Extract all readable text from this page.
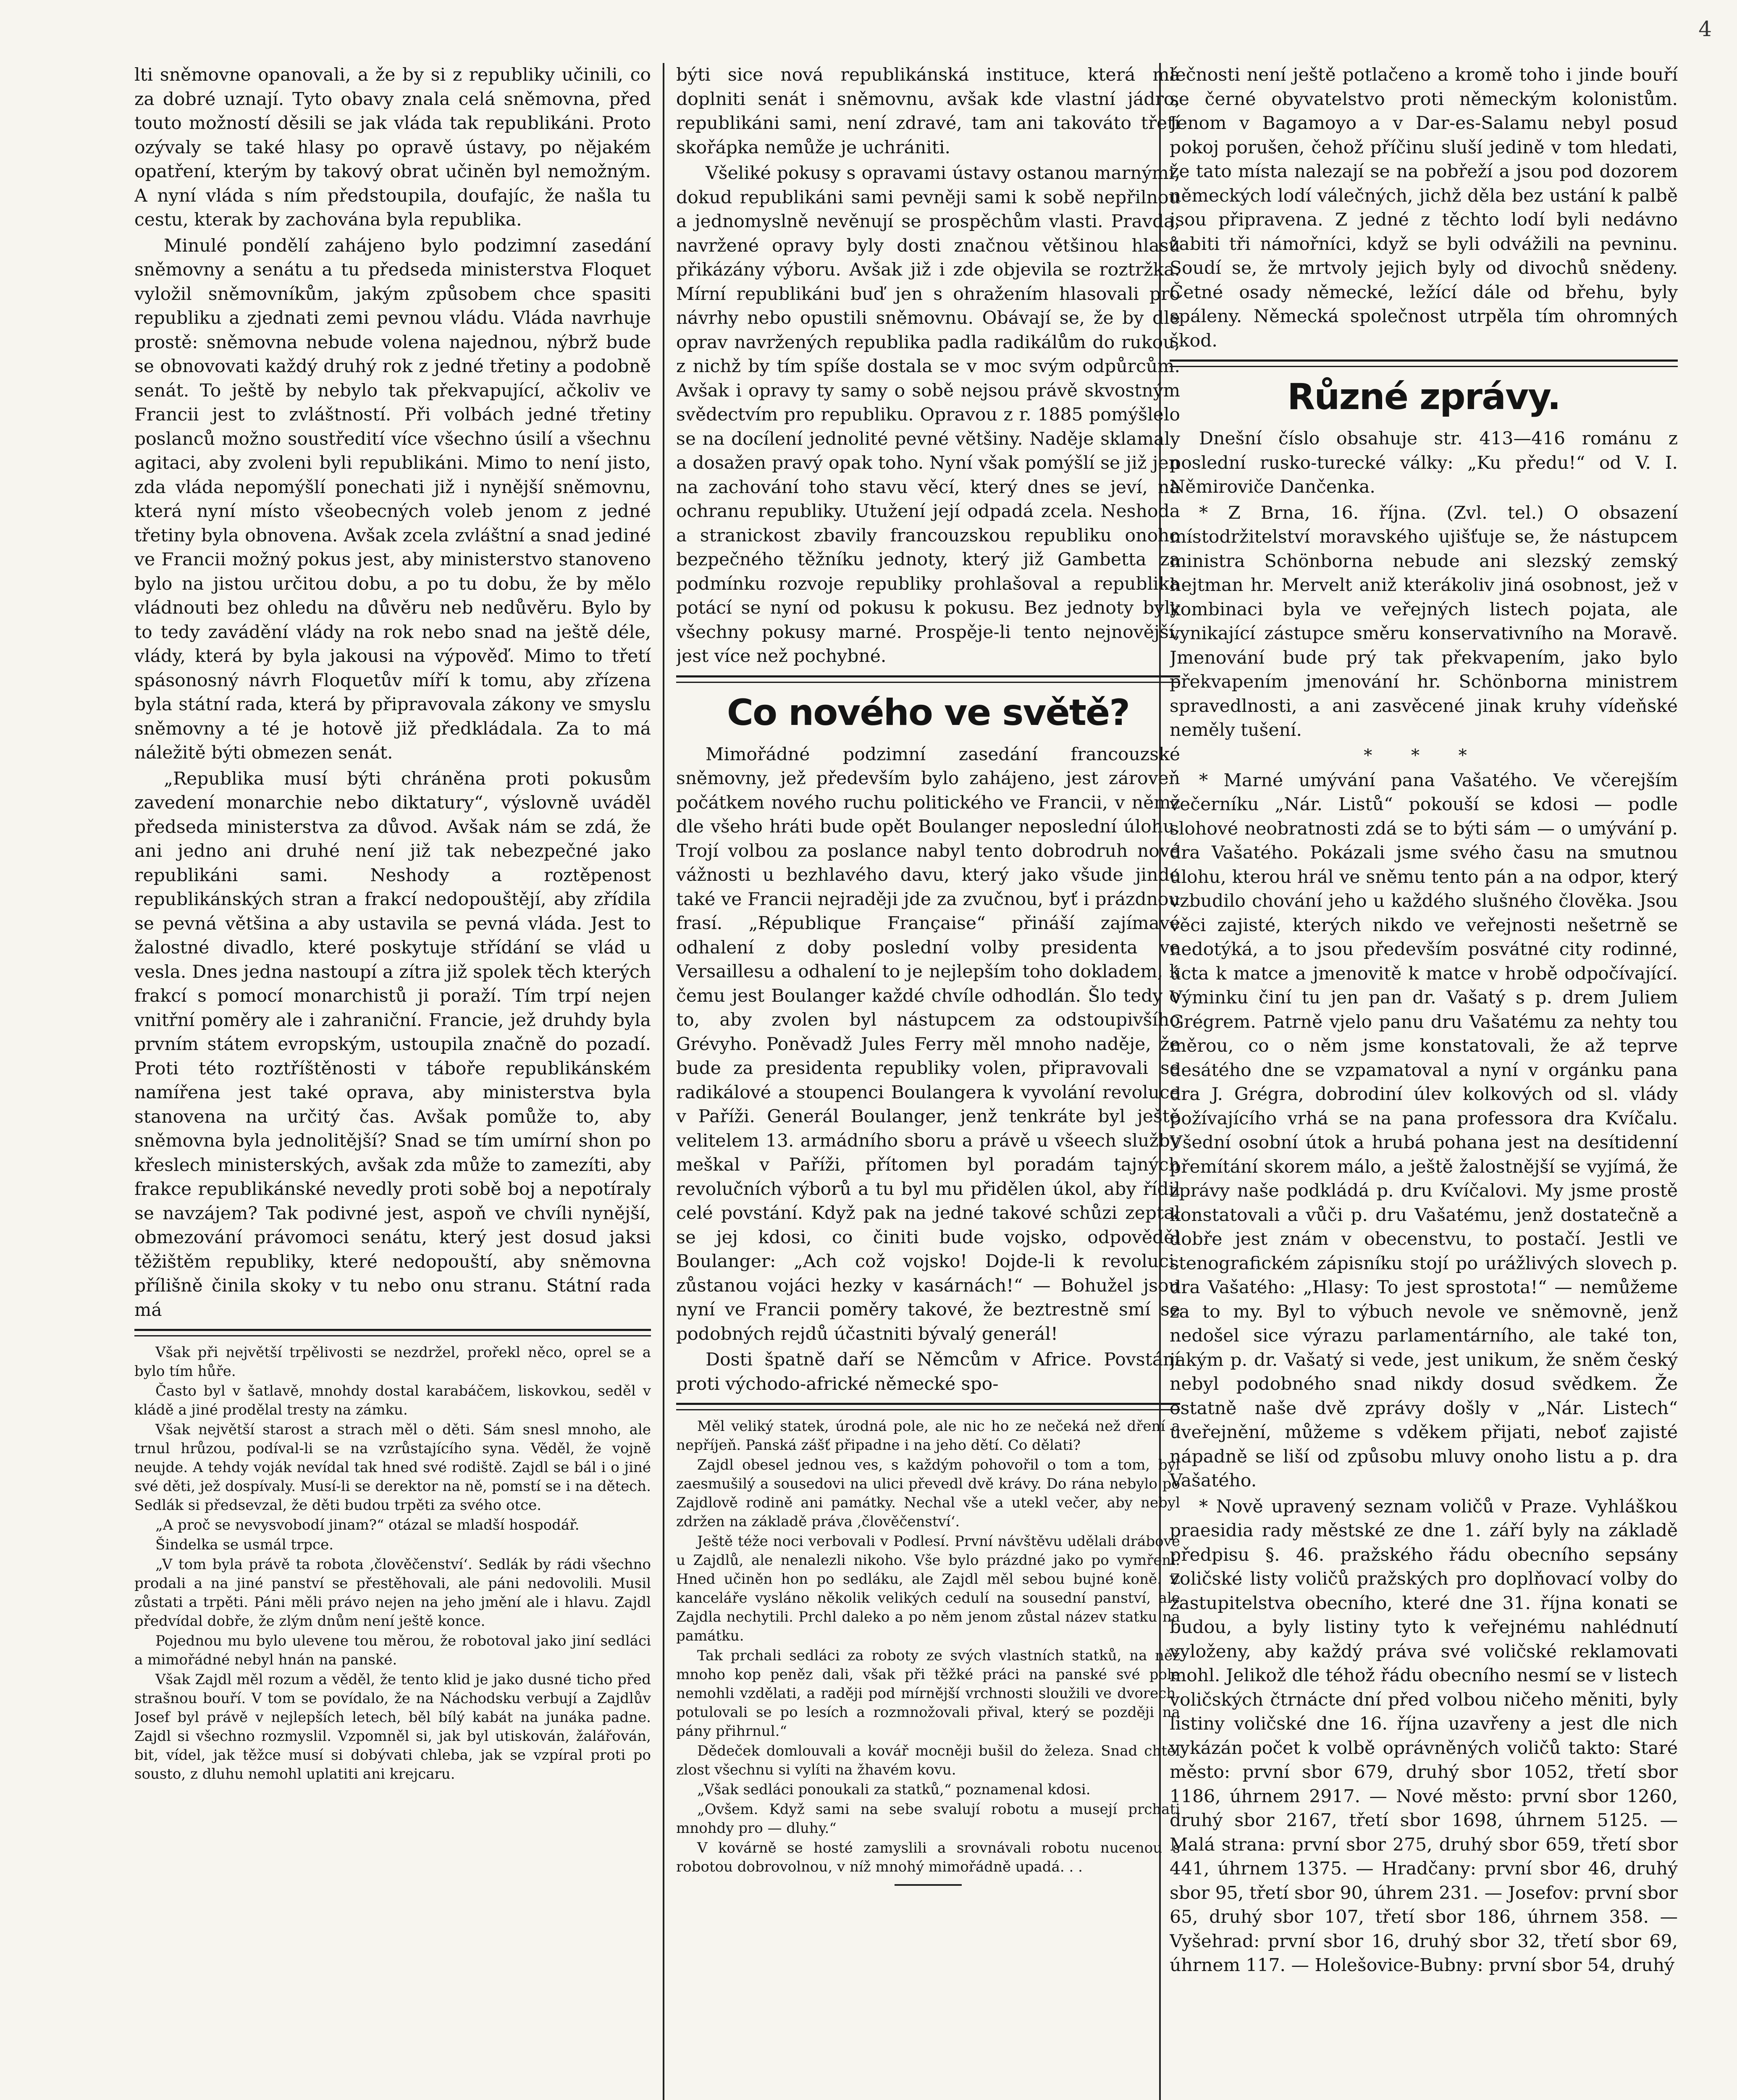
4

lti sněmovne opanovali, a že by si z republiky učinili, co za dobré uznají. Tyto obavy znala celá sněmovna, před touto možností děsili se jak vláda tak republikáni. Proto ozývaly se také hlasy po opravě ústavy, po nějakém opatření, kterým by takový obrat učiněn byl nemožným. A nyní vláda s ním předstoupila, doufajíc, že našla tu cestu, kterak by zachována byla republika.

Minulé pondělí zahájeno bylo podzimní zasedání sněmovny a senátu a tu předseda ministerstva Floquet vyložil sněmovníkům, jakým způsobem chce spasiti republiku a zjednati zemi pevnou vládu. Vláda navrhuje prostě: sněmovna nebude volena najednou, nýbrž bude se obnovovati každý druhý rok z jedné třetiny a podobně senát. To ještě by nebylo tak překvapující, ačkoliv ve Francii jest to zvláštností. Při volbách jedné třetiny poslanců možno soustředití více všechno úsilí a všechnu agitaci, aby zvoleni byli republikáni. Mimo to není jisto, zda vláda nepomýšlí ponechati již i nynější sněmovnu, která nyní místo všeobecných voleb jenom z jedné třetiny byla obnovena. Avšak zcela zvláštní a snad jediné ve Francii možný pokus jest, aby ministerstvo stanoveno bylo na jistou určitou dobu, a po tu dobu, že by mělo vládnouti bez ohledu na důvěru neb nedůvěru. Bylo by to tedy zavádění vlády na rok nebo snad na ještě déle, vlády, která by byla jakousi na výpověď. Mimo to třetí spásonosný návrh Floquetův míří k tomu, aby zřízena byla státní rada, která by připravovala zákony ve smyslu sněmovny a té je hotově již předkládala. Za to má náležitě býti obmezen senát.

„Republika musí býti chráněna proti pokusům zavedení monarchie nebo diktatury“, výslovně uváděl předseda ministerstva za důvod. Avšak nám se zdá, že ani jedno ani druhé není již tak nebezpečné jako republikáni sami. Neshody a roztěpenost republikánských stran a frakcí nedopouštějí, aby zřídila se pevná většina a aby ustavila se pevná vláda. Jest to žalostné divadlo, které poskytuje střídání se vlád u vesla. Dnes jedna nastoupí a zítra již spolek těch kterých frakcí s pomocí monarchistů ji poraží. Tím trpí nejen vnitřní poměry ale i zahraniční. Francie, jež druhdy byla prvním státem evropským, ustoupila značně do pozadí. Proti této roztříštěnosti v táboře republikánském namířena jest také oprava, aby ministerstva byla stanovena na určitý čas. Avšak pomůže to, aby sněmovna byla jednolitější? Snad se tím umírní shon po křeslech ministerských, avšak zda může to zamezíti, aby frakce republikánské nevedly proti sobě boj a nepotíraly se navzájem? Tak podivné jest, aspoň ve chvíli nynější, obmezování právomoci senátu, který jest dosud jaksi těžištěm republiky, které nedopouští, aby sněmovna přílišně činila skoky v tu nebo onu stranu. Státní rada má

Však při největší trpělivosti se nezdržel, prořekl něco, oprel se a bylo tím hůře.

Často byl v šatlavě, mnohdy dostal karabáčem, liskovkou, seděl v kládě a jiné prodělal tresty na zámku.

Však největší starost a strach měl o děti. Sám snesl mnoho, ale trnul hrůzou, podíval-li se na vzrůstajícího syna. Věděl, že vojně neujde. A tehdy voják nevídal tak hned své rodiště. Zajdl se bál i o jiné své děti, jež dospívaly. Musí-li se derektor na ně, pomstí se i na dětech. Sedlák si předsevzal, že děti budou trpěti za svého otce.

„A proč se nevysvobodí jinam?“ otázal se mladší hospodář.

Šindelka se usmál trpce.

„V tom byla právě ta robota ,člověčenství‘. Sedlák by rádi všechno prodali a na jiné panství se přestěhovali, ale páni nedovolili. Musil zůstati a trpěti. Páni měli právo nejen na jeho jmění ale i hlavu. Zajdl předvídal dobře, že zlým dnům není ještě konce.

Pojednou mu bylo ulevene tou měrou, že robotoval jako jiní sedláci a mimořádné nebyl hnán na panské.

Však Zajdl měl rozum a věděl, že tento klid je jako dusné ticho před strašnou bouří. V tom se povídalo, že na Náchodsku verbují a Zajdlův Josef byl právě v nejlepších letech, běl bílý kabát na junáka padne. Zajdl si všechno rozmyslil. Vzpomněl si, jak byl utiskován, žalářován, bit, vídel, jak těžce musí si dobývati chleba, jak se vzpíral proti po sousto, z dluhu nemohl uplatiti ani krejcaru.

býti sice nová republikánská instituce, která má doplniti senát i sněmovnu, avšak kde vlastní jádro, republikáni sami, není zdravé, tam ani takováto třetí skořápka nemůže je uchrániti.

Všeliké pokusy s opravami ústavy ostanou marnými, dokud republikáni sami pevněji sami k sobě nepřilnou a jednomyslně nevěnují se prospěchům vlasti. Pravda, navržené opravy byly dosti značnou většinou hlasů přikázány výboru. Avšak již i zde objevila se roztržka. Mírní republikáni buď jen s ohražením hlasovali pro návrhy nebo opustili sněmovnu. Obávají se, že by dle oprav navržených republika padla radikálům do rukou, z nichž by tím spíše dostala se v moc svým odpůrcům. Avšak i opravy ty samy o sobě nejsou právě skvostným svědectvím pro republiku. Opravou z r. 1885 pomýšlelo se na docílení jednolité pevné většiny. Naděje sklamaly a dosažen pravý opak toho. Nyní však pomýšlí se již jen na zachování toho stavu věcí, který dnes se jeví, na ochranu republiky. Utužení její odpadá zcela. Neshoda a stranickost zbavily francouzskou republiku onoho bezpečného těžníku jednoty, který již Gambetta za podmínku rozvoje republiky prohlašoval a republika potácí se nyní od pokusu k pokusu. Bez jednoty byly všechny pokusy marné. Prospěje-li tento nejnovější, jest více než pochybné.

Co nového ve světě?

Mimořádné podzimní zasedání francouzské sněmovny, jež především bylo zahájeno, jest zároveň počátkem nového ruchu politického ve Francii, v němž dle všeho hráti bude opět Boulanger neposlední úlohu. Trojí volbou za poslance nabyl tento dobrodruh nové vážnosti u bezhlavého davu, který jako všude jinde také ve Francii nejraději jde za zvučnou, byť i prázdnou frasí. „République Française“ přináší zajímavé odhalení z doby poslední volby presidenta ve Versaillesu a odhalení to je nejlepším toho dokladem, k čemu jest Boulanger každé chvíle odhodlán. Šlo tedy o to, aby zvolen byl nástupcem za odstoupivšího Grévyho. Poněvadž Jules Ferry měl mnoho naděje, že bude za presidenta republiky volen, připravovali se radikálové a stoupenci Boulangera k vyvolání revoluce v Paříži. Generál Boulanger, jenž tenkráte byl ještě velitelem 13. armádního sboru a právě u všeech služby meškal v Paříži, přítomen byl poradám tajných revolučních výborů a tu byl mu přidělen úkol, aby řídil celé povstání. Když pak na jedné takové schůzi zeptal se jej kdosi, co činiti bude vojsko, odpověděl Boulanger: „Ach což vojsko! Dojde-li k revoluci, zůstanou vojáci hezky v kasárnách!“ — Bohužel jsou nyní ve Francii poměry takové, že beztrestně smí se podobných rejdů účastniti bývalý generál!

Dosti špatně daří se Němcům v Africe. Povstání proti východo-africké německé spo-

Měl veliký statek, úrodná pole, ale nic ho ze nečeká než dření a nepříjeň. Panská zášť připadne i na jeho dětí. Co dělati?

Zajdl obesel jednou ves, s každým pohovořil o tom a tom, byl zaesmušilý a sousedovi na ulici převedl dvě krávy. Do rána nebylo po Zajdlově rodině ani památky. Nechal vše a utekl večer, aby nebyl zdržen na základě práva ,člověčenství‘.

Ještě téže noci verbovali v Podlesí. První návštěvu udělali drábové u Zajdlů, ale nenalezli nikoho. Vše bylo prázdné jako po vymření. Hned učiněn hon po sedláku, ale Zajdl měl sebou bujné koně. Z kanceláře vysláno několik velikých cedulí na sousední panství, ale Zajdla nechytili. Prchl daleko a po něm jenom zůstal název statku na památku.

Tak prchali sedláci za roboty ze svých vlastních statků, na něž mnoho kop peněz dali, však při těžké práci na panské své pole nemohli vzdělati, a raději pod mírnější vrchnosti sloužili ve dvorech, potulovali se po lesích a rozmnožovali přival, který se později na pány přihrnul.“

Dědeček domlouvali a kovář mocněji bušil do železa. Snad chtěl zlost všechnu si vylíti na žhavém kovu.

„Však sedláci ponoukali za statků,“ poznamenal kdosi.

„Ovšem. Když sami na sebe svalují robotu a musejí prchati mnohdy pro — dluhy.“

V kovárně se hosté zamyslili a srovnávali robotu nucenou s robotou dobrovolnou, v níž mnohý mimořádně upadá. . .

lečnosti není ještě potlačeno a kromě toho i jinde bouří se černé obyvatelstvo proti německým kolonistům. Jenom v Bagamoyo a v Dar-es-Salamu nebyl posud pokoj porušen, čehož příčinu sluší jedině v tom hledati, že tato místa nalezají se na pobřeží a jsou pod dozorem německých lodí válečných, jichž děla bez ustání k palbě jsou připravena. Z jedné z těchto lodí byli nedávno zabiti tři námořníci, když se byli odvážili na pevninu. Soudí se, že mrtvoly jejich byly od divochů snědeny. Četné osady německé, ležící dále od břehu, byly spáleny. Německá společnost utrpěla tím ohromných škod.

Různé zprávy.

Dnešní číslo obsahuje str. 413—416 románu z poslední rusko-turecké války: „Ku předu!“ od V. I. Němiroviče Dančenka.

* Z Brna, 16. října. (Zvl. tel.) O obsazení místodržitelství moravského ujišťuje se, že nástupcem ministra Schönborna nebude ani slezský zemský hejtman hr. Mervelt aniž kterákoliv jiná osobnost, jež v kombinaci byla ve veřejných listech pojata, ale vynikající zástupce směru konservativního na Moravě. Jmenování bude prý tak překvapením, jako bylo překvapením jmenování hr. Schönborna ministrem spravedlnosti, a ani zasvěcené jinak kruhy vídeňské neměly tušení.

* * *

* Marné umývání pana Vašatého. Ve včerejším večerníku „Nár. Listů“ pokouší se kdosi — podle slohové neobratnosti zdá se to býti sám — o umývání p. dra Vašatého. Pokázali jsme svého času na smutnou úlohu, kterou hrál ve sněmu tento pán a na odpor, který vzbudilo chování jeho u každého slušného člověka. Jsou věci zajisté, kterých nikdo ve veřejnosti nešetrně se nedotýká, a to jsou především posvátné city rodinné, úcta k matce a jmenovitě k matce v hrobě odpočívající. Výminku činí tu jen pan dr. Vašatý s p. drem Juliem Grégrem. Patrně vjelo panu dru Vašatému za nehty tou měrou, co o něm jsme konstatovali, že až teprve desátého dne se vzpamatoval a nyní v orgánku pana dra J. Grégra, dobrodiní úlev kolkových od sl. vlády požívajícího vrhá se na pana professora dra Kvíčalu. Všední osobní útok a hrubá pohana jest na desítidenní přemítání skorem málo, a ještě žalostnější se vyjímá, že zprávy naše podkládá p. dru Kvíčalovi. My jsme prostě konstatovali a vůči p. dru Vašatému, jenž dostatečně a dobře jest znám v obecenstvu, to postačí. Jestli ve stenografickém zápisníku stojí po urážlivých slovech p. dra Vašatého: „Hlasy: To jest sprostota!“ — nemůžeme za to my. Byl to výbuch nevole ve sněmovně, jenž nedošel sice výrazu parlamentárního, ale také ton, jakým p. dr. Vašatý si vede, jest unikum, že sněm český nebyl podobného snad nikdy dosud svědkem. Že ostatně naše dvě zprávy došly v „Nár. Listech“ uveřejnění, můžeme s vděkem přijati, neboť zajisté nápadně se liší od způsobu mluvy onoho listu a p. dra Vašatého.

* Nově upravený seznam voličů v Praze. Vyhláškou praesidia rady městské ze dne 1. září byly na základě předpisu §. 46. pražského řádu obecního sepsány voličské listy voličů pražských pro doplňovací volby do zastupitelstva obecního, které dne 31. října konati se budou, a byly listiny tyto k veřejnému nahlédnutí vyloženy, aby každý práva své voličské reklamovati mohl. Jelikož dle téhož řádu obecního nesmí se v listech voličských čtrnácte dní před volbou ničeho měniti, byly listiny voličské dne 16. října uzavřeny a jest dle nich vykázán počet k volbě oprávněných voličů takto: Staré město: první sbor 679, druhý sbor 1052, třetí sbor 1186, úhrnem 2917. — Nové město: první sbor 1260, druhý sbor 2167, třetí sbor 1698, úhrnem 5125. — Malá strana: první sbor 275, druhý sbor 659, třetí sbor 441, úhrnem 1375. — Hradčany: první sbor 46, druhý sbor 95, třetí sbor 90, úhrem 231. — Josefov: první sbor 65, druhý sbor 107, třetí sbor 186, úhrnem 358. — Vyšehrad: první sbor 16, druhý sbor 32, třetí sbor 69, úhrnem 117. — Holešovice-Bubny: první sbor 54, druhý
